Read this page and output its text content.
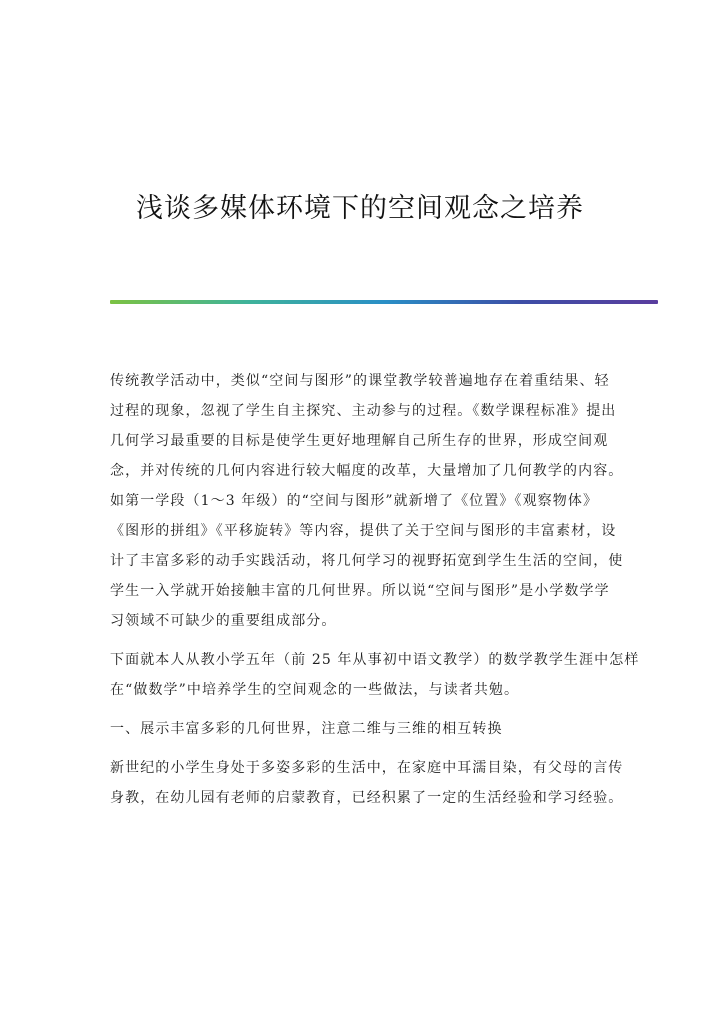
浅谈多媒体环境下的空间观念之培养

传统教学活动中，类似“空间与图形”的课堂教学较普遍地存在着重结果、轻
过程的现象，忽视了学生自主探究、主动参与的过程。《数学课程标准》提出
几何学习最重要的目标是使学生更好地理解自己所生存的世界，形成空间观
念，并对传统的几何内容进行较大幅度的改革，大量增加了几何教学的内容。
如第一学段（1～3 年级）的“空间与图形”就新增了《位置》《观察物体》
《图形的拼组》《平移旋转》等内容，提供了关于空间与图形的丰富素材，设
计了丰富多彩的动手实践活动，将几何学习的视野拓宽到学生生活的空间，使
学生一入学就开始接触丰富的几何世界。所以说“空间与图形”是小学数学学
习领域不可缺少的重要组成部分。

下面就本人从教小学五年（前 25 年从事初中语文教学）的数学教学生涯中怎样
在“做数学”中培养学生的空间观念的一些做法，与读者共勉。

一、展示丰富多彩的几何世界，注意二维与三维的相互转换

新世纪的小学生身处于多姿多彩的生活中，在家庭中耳濡目染，有父母的言传
身教，在幼儿园有老师的启蒙教育，已经积累了一定的生活经验和学习经验。
